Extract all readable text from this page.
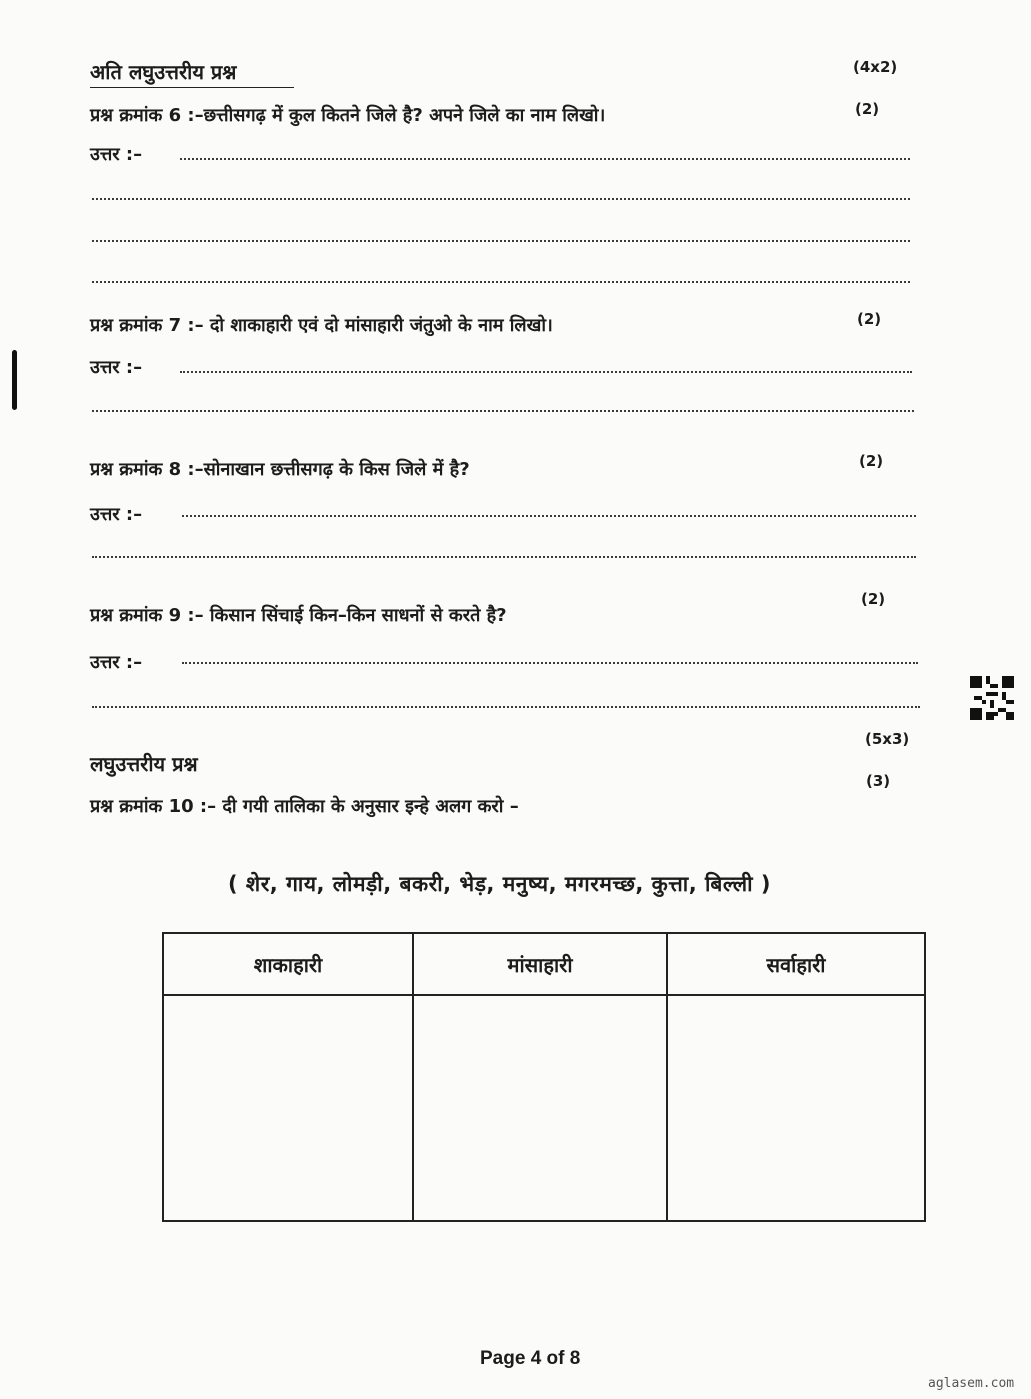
अति लघुउत्तरीय प्रश्न	(4x2)
प्रश्न क्रमांक 6 :–छत्तीसगढ़ में कुल कितने जिले है? अपने जिले का नाम लिखो।	(2)
उत्तर :–
प्रश्न क्रमांक 7 :– दो शाकाहारी एवं दो मांसाहारी जंतुओ के नाम लिखो।	(2)
उत्तर :–
प्रश्न क्रमांक 8 :–सोनाखान छत्तीसगढ़ के किस जिले में है?	(2)
उत्तर :–
प्रश्न क्रमांक 9 :– किसान सिंचाई किन–किन साधनों से करते है?
(2)
उत्तर :–
(5x3)
लघुउत्तरीय प्रश्न
(3)
प्रश्न क्रमांक 10 :– दी गयी तालिका के अनुसार इन्हे अलग करो –
( शेर, गाय, लोमड़ी, बकरी, भेड़, मनुष्य, मगरमच्छ, कुत्ता, बिल्ली )
शाकाहारी	मांसाहारी	सर्वाहारी
Page 4 of 8
aglasem.com
